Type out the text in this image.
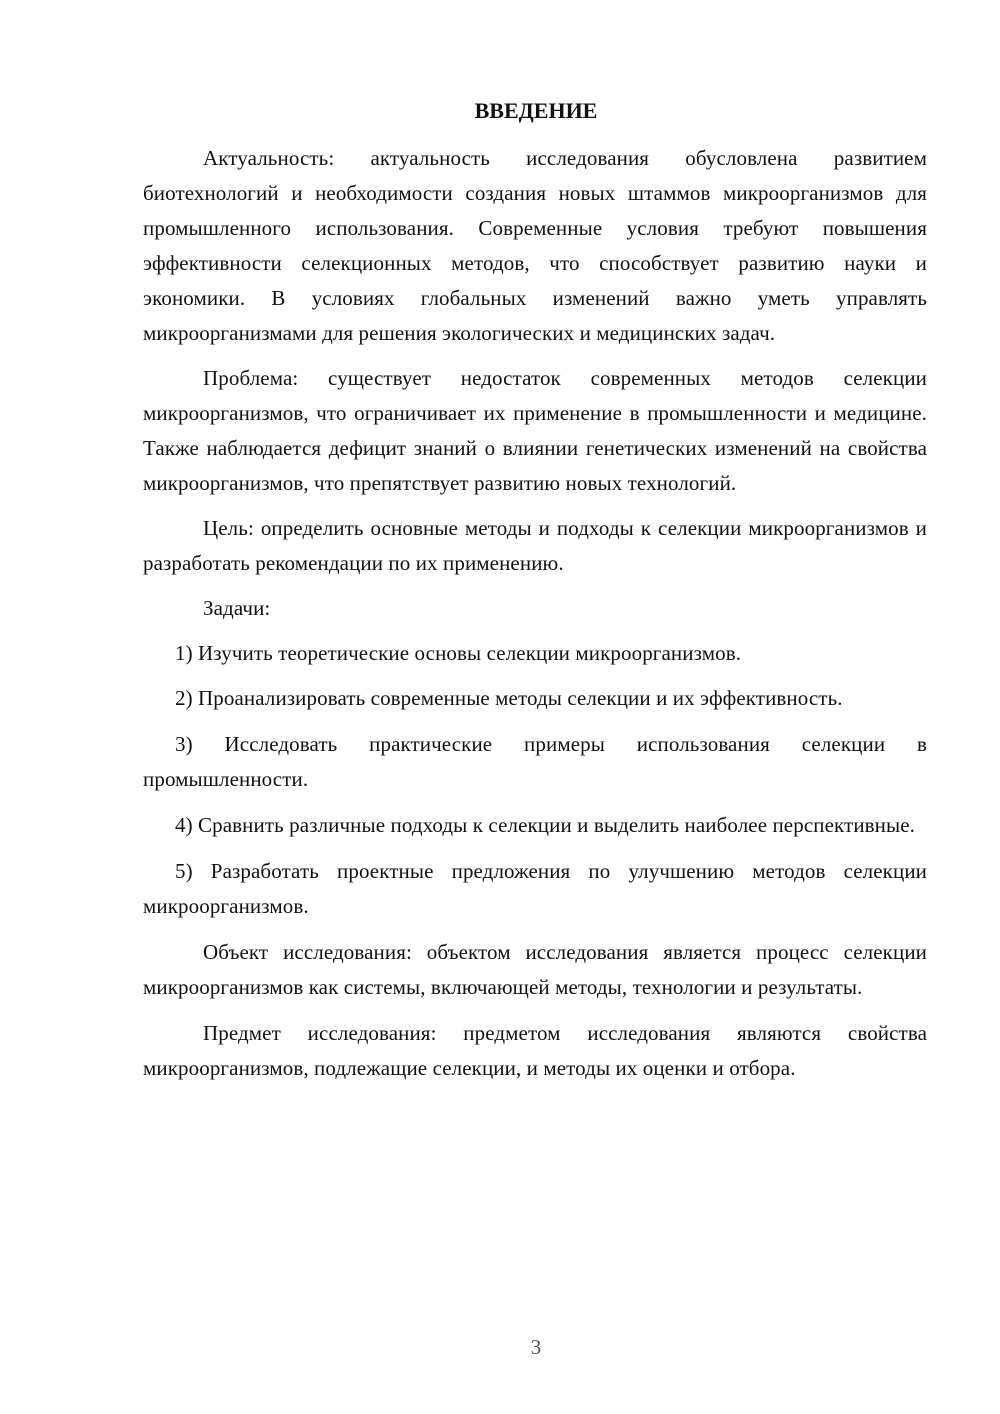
ВВЕДЕНИЕ

Актуальность: актуальность исследования обусловлена развитием биотехнологий и необходимости создания новых штаммов микроорганизмов для промышленного использования. Современные условия требуют повышения эффективности селекционных методов, что способствует развитию науки и экономики. В условиях глобальных изменений важно уметь управлять микроорганизмами для решения экологических и медицинских задач.

Проблема: существует недостаток современных методов селекции микроорганизмов, что ограничивает их применение в промышленности и медицине. Также наблюдается дефицит знаний о влиянии генетических изменений на свойства микроорганизмов, что препятствует развитию новых технологий.

Цель: определить основные методы и подходы к селекции микроорганизмов и разработать рекомендации по их применению.

Задачи:

1) Изучить теоретические основы селекции микроорганизмов.

2) Проанализировать современные методы селекции и их эффективность.

3) Исследовать практические примеры использования селекции в промышленности.

4) Сравнить различные подходы к селекции и выделить наиболее перспективные.

5) Разработать проектные предложения по улучшению методов селекции микроорганизмов.

Объект исследования: объектом исследования является процесс селекции микроорганизмов как системы, включающей методы, технологии и результаты.

Предмет исследования: предметом исследования являются свойства микроорганизмов, подлежащие селекции, и методы их оценки и отбора.

3
